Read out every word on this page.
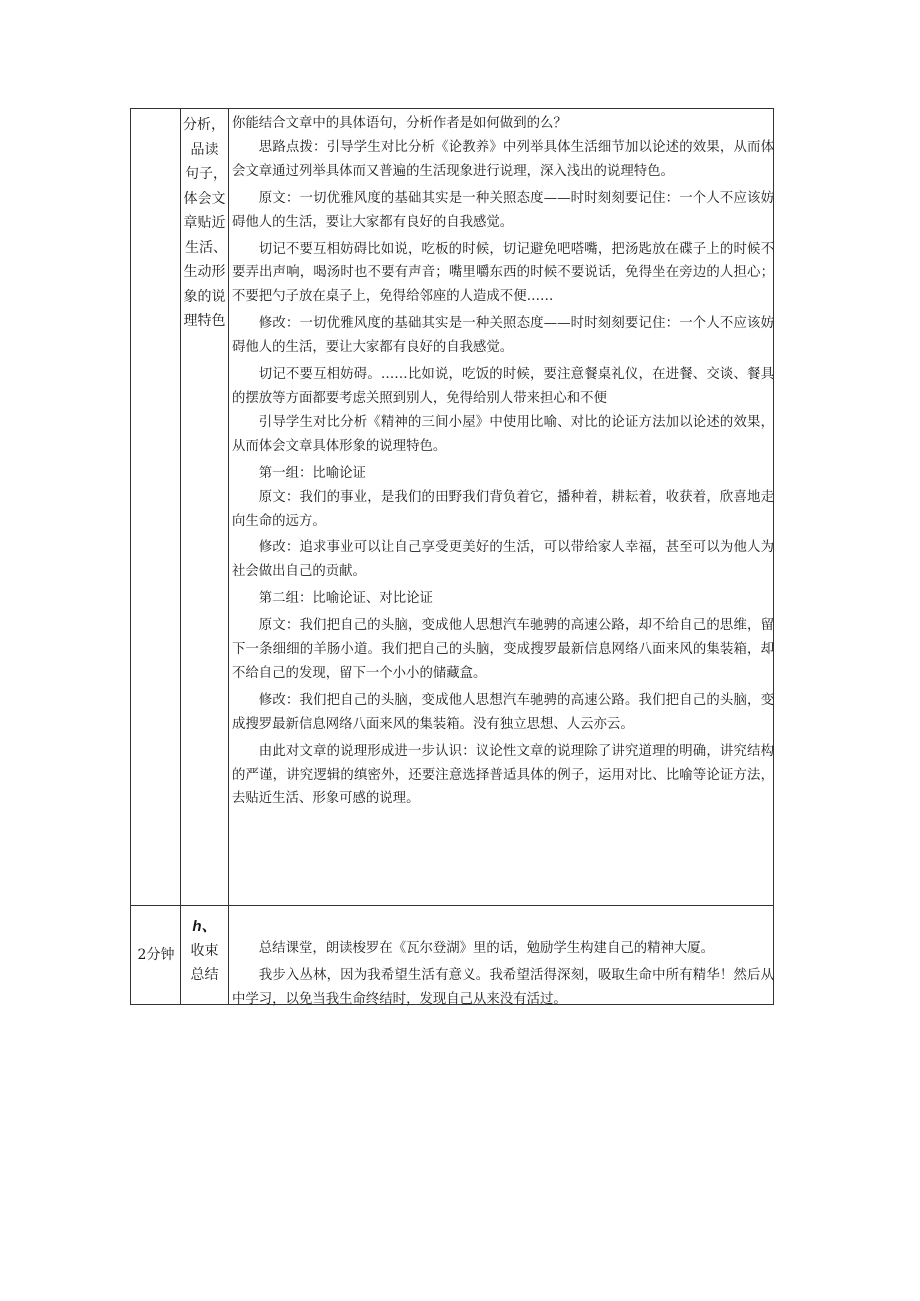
分析，
品读
句子，
体会文
章贴近
生活、
生动形
象的说
理特色

你能结合文章中的具体语句，分析作者是如何做到的么？

思路点拨：引导学生对比分析《论教养》中列举具体生活细节加以论述的效果，从而体会文章通过列举具体而又普遍的生活现象进行说理，深入浅出的说理特色。

原文：一切优雅风度的基础其实是一种关照态度——时时刻刻要记住：一个人不应该妨碍他人的生活，要让大家都有良好的自我感觉。

切记不要互相妨碍比如说，吃板的时候，切记避免吧嗒嘴，把汤匙放在碟子上的时候不要弄出声响，喝汤时也不要有声音；嘴里嚼东西的时候不要说话，免得坐在旁边的人担心；不要把勺子放在桌子上，免得给邻座的人造成不便……

修改：一切优雅风度的基础其实是一种关照态度——时时刻刻要记住：一个人不应该妨碍他人的生活，要让大家都有良好的自我感觉。

切记不要互相妨碍。……比如说，吃饭的时候，要注意餐桌礼仪，在进餐、交谈、餐具的摆放等方面都要考虑关照到别人，免得给别人带来担心和不便

引导学生对比分析《精神的三间小屋》中使用比喻、对比的论证方法加以论述的效果，从而体会文章具体形象的说理特色。

第一组：比喻论证

原文：我们的事业，是我们的田野我们背负着它，播种着，耕耘着，收获着，欣喜地走向生命的远方。

修改：追求事业可以让自己享受更美好的生活，可以带给家人幸福，甚至可以为他人为社会做出自己的贡献。

第二组：比喻论证、对比论证

原文：我们把自己的头脑，变成他人思想汽车驰骋的高速公路，却不给自己的思维，留下一条细细的羊肠小道。我们把自己的头脑，变成搜罗最新信息网络八面来风的集装箱，却不给自己的发现，留下一个小小的储藏盒。

修改：我们把自己的头脑，变成他人思想汽车驰骋的高速公路。我们把自己的头脑，变成搜罗最新信息网络八面来风的集装箱。没有独立思想、人云亦云。

由此对文章的说理形成进一步认识：议论性文章的说理除了讲究道理的明确，讲究结构的严谨，讲究逻辑的缜密外，还要注意选择普适具体的例子，运用对比、比喻等论证方法，去贴近生活、形象可感的说理。

2分钟
h、
收束
总结

总结课堂，朗读梭罗在《瓦尔登湖》里的话，勉励学生构建自己的精神大厦。

我步入丛林，因为我希望生活有意义。我希望活得深刻，吸取生命中所有精华！然后从中学习，以免当我生命终结时，发现自己从来没有活过。
